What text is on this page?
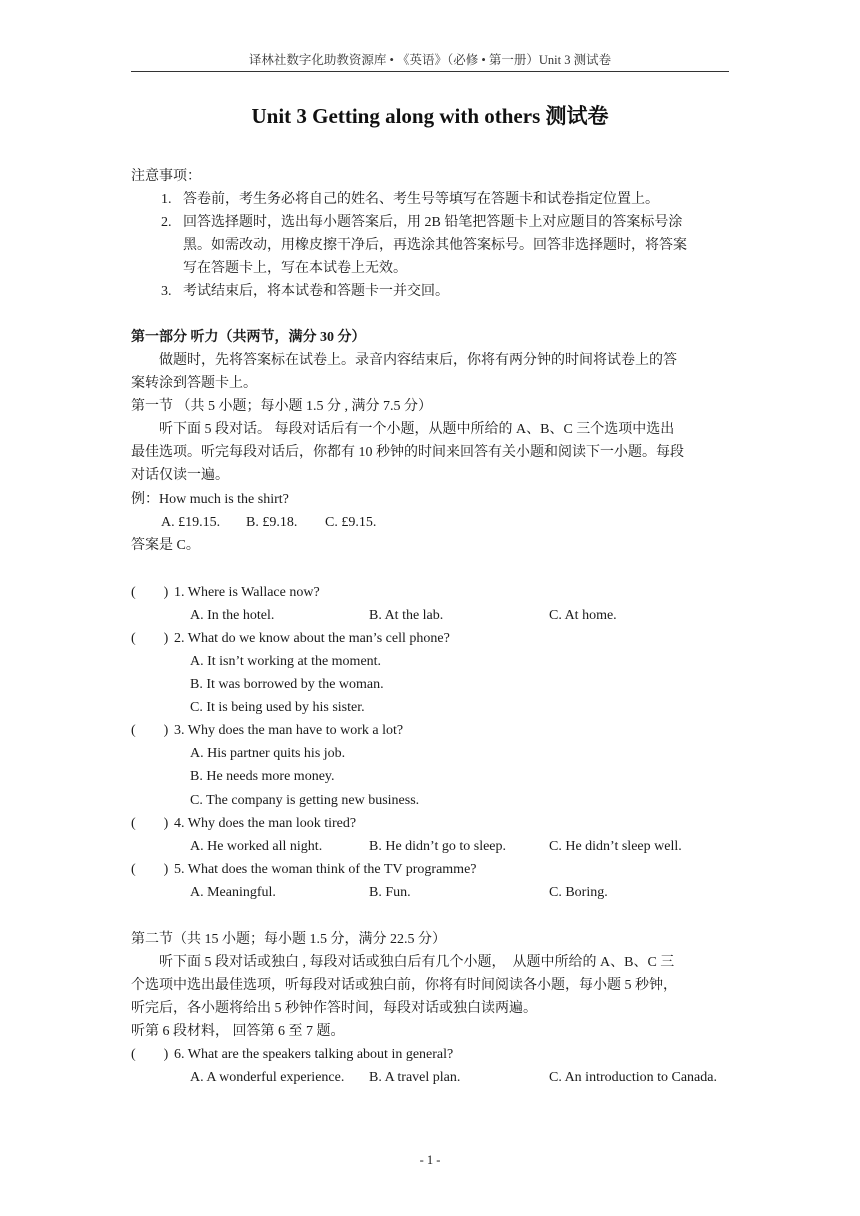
译林社数字化助教资源库 • 《英语》（必修 • 第一册）Unit 3 测试卷
Unit 3 Getting along with others 测试卷
注意事项：
1. 答卷前，考生务必将自己的姓名、考生号等填写在答题卡和试卷指定位置上。
2. 回答选择题时，选出每小题答案后，用 2B 铅笔把答题卡上对应题目的答案标号涂
黑。如需改动，用橡皮擦干净后，再选涂其他答案标号。回答非选择题时，将答案
写在答题卡上，写在本试卷上无效。
3. 考试结束后，将本试卷和答题卡一并交回。
第一部分 听力（共两节，满分 30 分）
做题时，先将答案标在试卷上。录音内容结束后，你将有两分钟的时间将试卷上的答
案转涂到答题卡上。
第一节 （共 5 小题；每小题 1.5 分 , 满分 7.5 分）
听下面 5 段对话。 每段对话后有一个小题，从题中所给的 A、B、C 三个选项中选出
最佳选项。听完每段对话后，你都有 10 秒钟的时间来回答有关小题和阅读下一小题。每段
对话仅读一遍。
例：How much is the shirt?
A. £19.15. B. £9.18. C. £9.15.
答案是 C。
(　　) 1. Where is Wallace now?
A. In the hotel.	B. At the lab.	C. At home.
(　　) 2. What do we know about the man’s cell phone?
A. It isn’t working at the moment.
B. It was borrowed by the woman.
C. It is being used by his sister.
(　　) 3. Why does the man have to work a lot?
A. His partner quits his job.
B. He needs more money.
C. The company is getting new business.
(　　) 4. Why does the man look tired?
A. He worked all night.	B. He didn’t go to sleep.	C. He didn’t sleep well.
(　　) 5. What does the woman think of the TV programme?
A. Meaningful.	B. Fun.	C. Boring.
第二节（共 15 小题；每小题 1.5 分，满分 22.5 分）
听下面 5 段对话或独白 , 每段对话或独白后有几个小题，　从题中所给的 A、B、C 三
个选项中选出最佳选项，听每段对话或独白前，你将有时间阅读各小题，每小题 5 秒钟，
听完后，各小题将给出 5 秒钟作答时间，每段对话或独白读两遍。
听第 6 段材料， 回答第 6 至 7 题。
(　　) 6. What are the speakers talking about in general?
A. A wonderful experience. B. A travel plan.	C. An introduction to Canada.
- 1 -
